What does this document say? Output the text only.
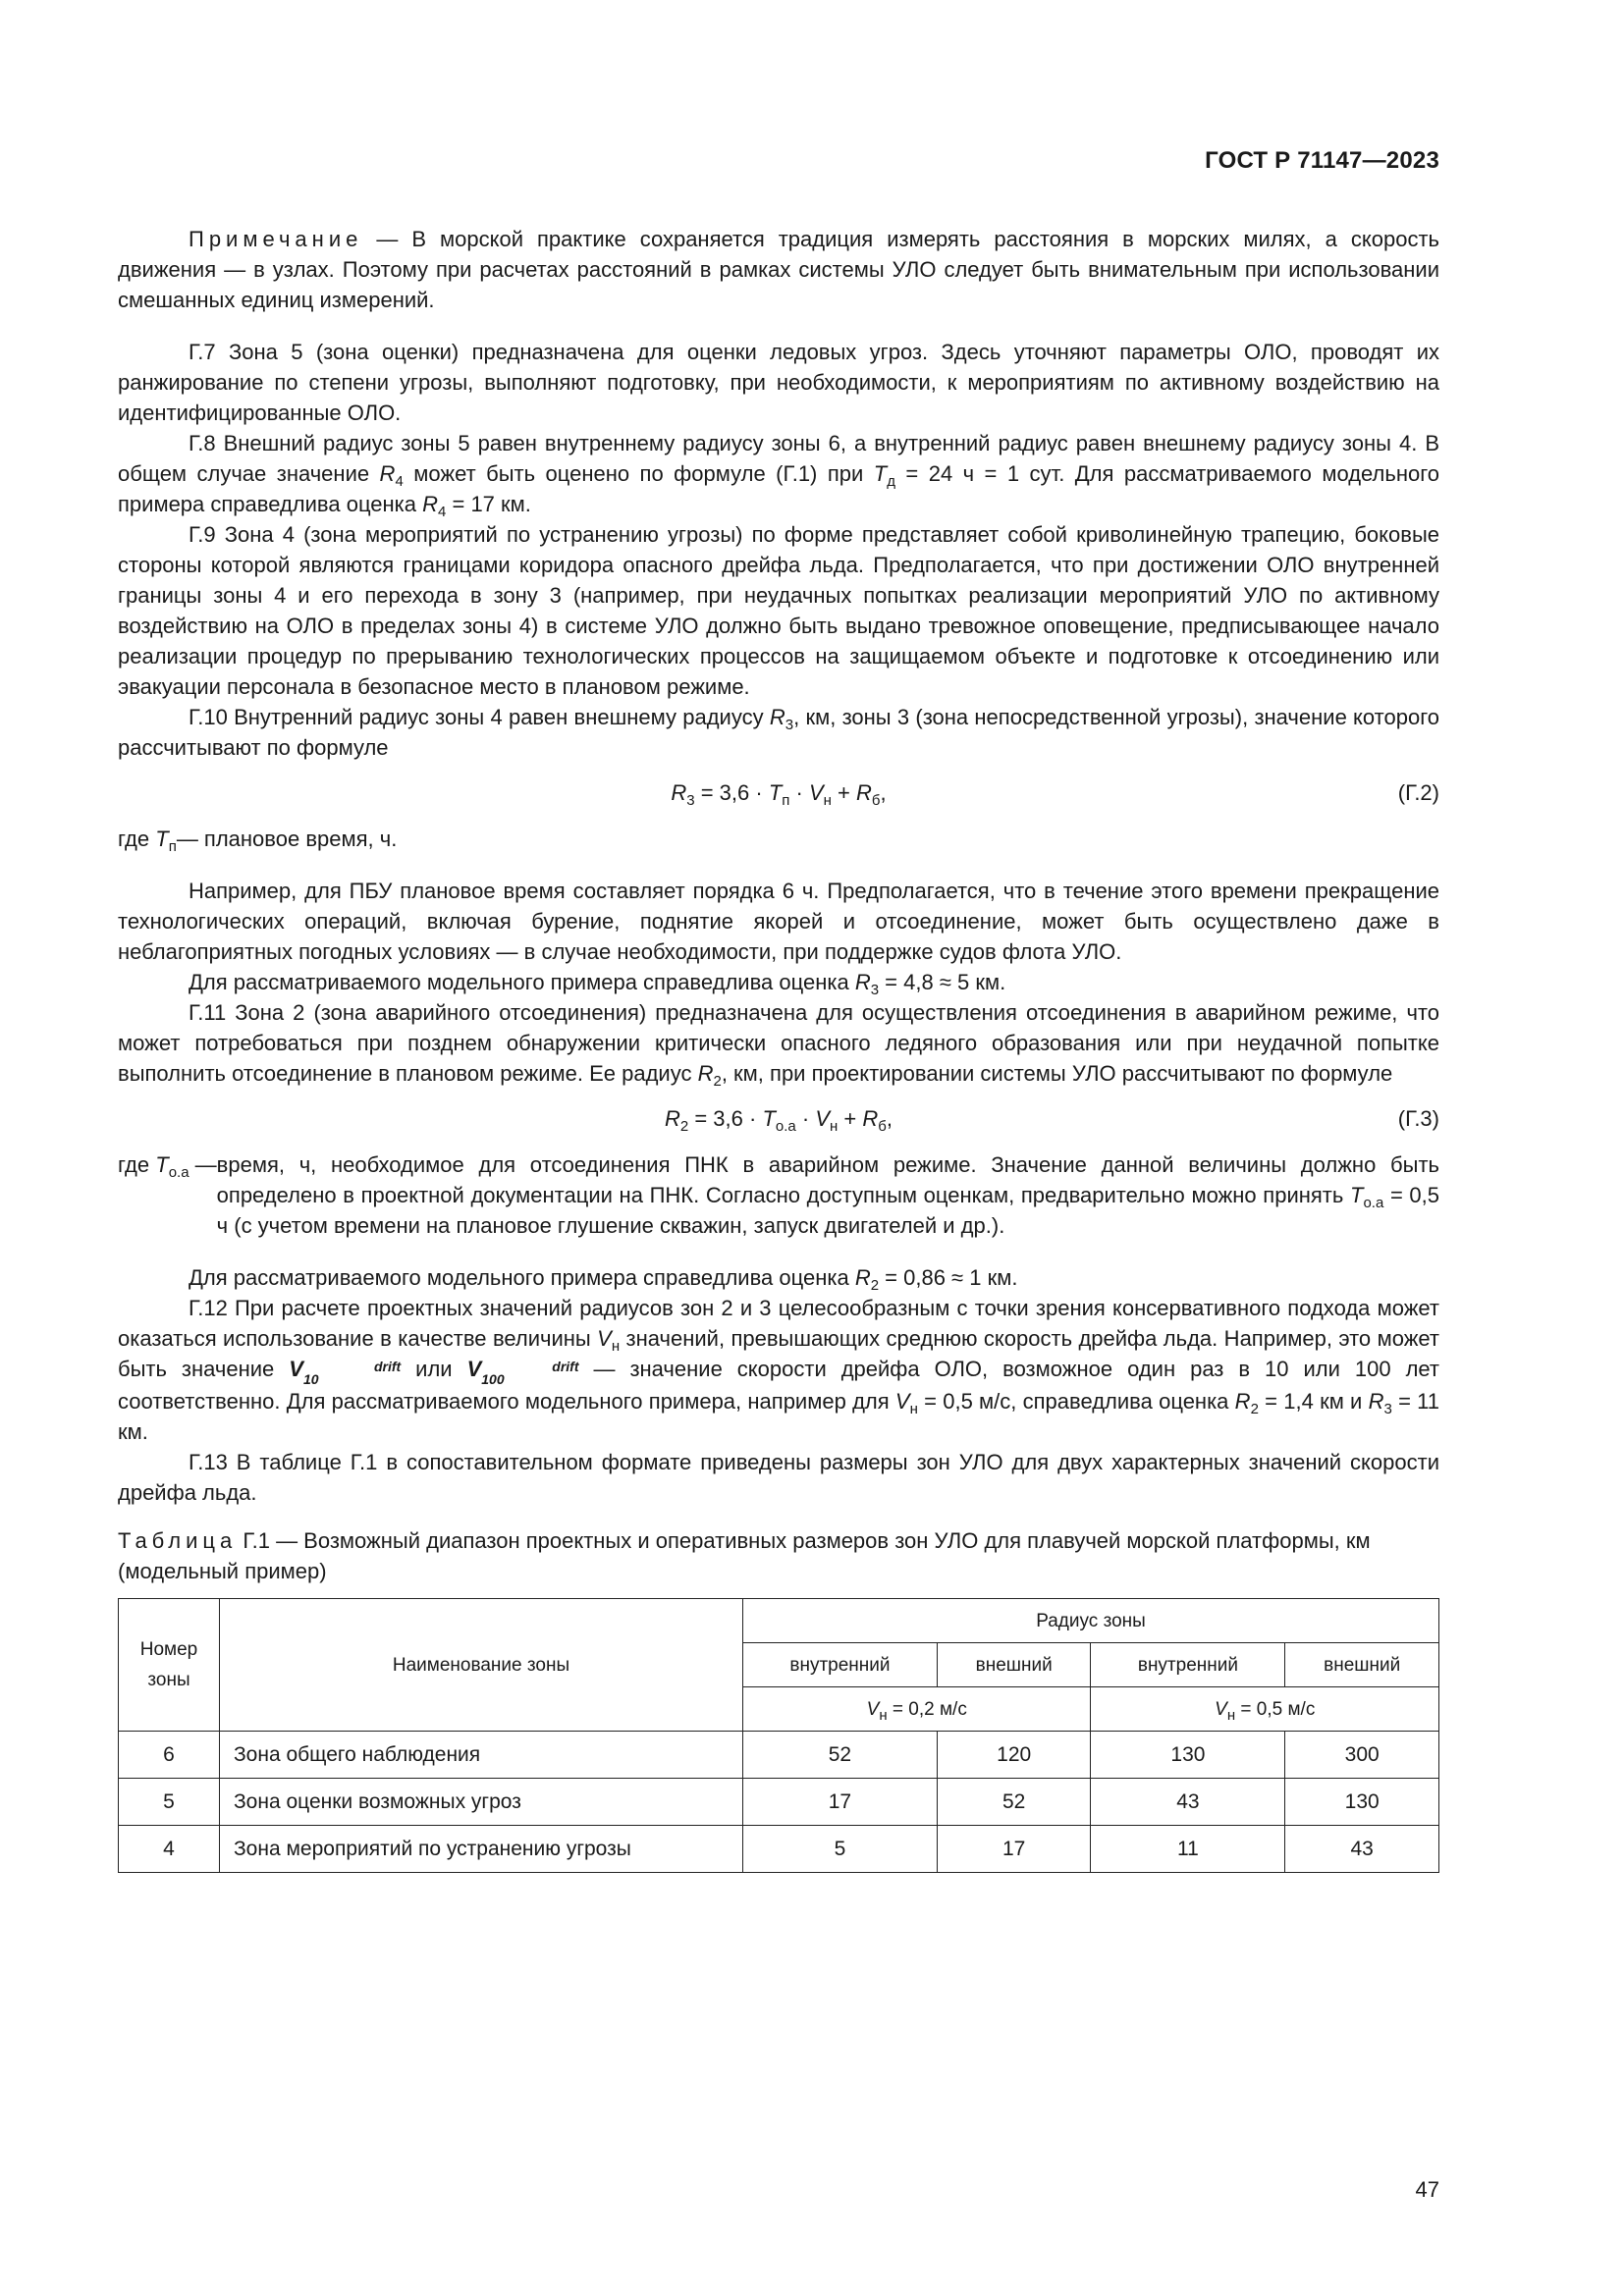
ГОСТ Р 71147—2023

Примечание — В морской практике сохраняется традиция измерять расстояния в морских милях, а скорость движения — в узлах. Поэтому при расчетах расстояний в рамках системы УЛО следует быть внимательным при использовании смешанных единиц измерений.

Г.7 Зона 5 (зона оценки) предназначена для оценки ледовых угроз. Здесь уточняют параметры ОЛО, проводят их ранжирование по степени угрозы, выполняют подготовку, при необходимости, к мероприятиям по активному воздействию на идентифицированные ОЛО.

Г.8 Внешний радиус зоны 5 равен внутреннему радиусу зоны 6, а внутренний радиус равен внешнему радиусу зоны 4. В общем случае значение $R_4$ может быть оценено по формуле (Г.1) при $T_д = 24$ ч = 1 сут. Для рассматриваемого модельного примера справедлива оценка $R_4 = 17$ км.

Г.9 Зона 4 (зона мероприятий по устранению угрозы) по форме представляет собой криволинейную трапецию, боковые стороны которой являются границами коридора опасного дрейфа льда. Предполагается, что при достижении ОЛО внутренней границы зоны 4 и его перехода в зону 3 (например, при неудачных попытках реализации мероприятий УЛО по активному воздействию на ОЛО в пределах зоны 4) в системе УЛО должно быть выдано тревожное оповещение, предписывающее начало реализации процедур по прерыванию технологических процессов на защищаемом объекте и подготовке к отсоединению или эвакуации персонала в безопасное место в плановом режиме.

Г.10 Внутренний радиус зоны 4 равен внешнему радиусу $R_3$, км, зоны 3 (зона непосредственной угрозы), значение которого рассчитывают по формуле

$R_3 = 3,6 \cdot T_п \cdot V_н + R_б$,	(Г.2)

где $T_п$ — плановое время, ч.

Например, для ПБУ плановое время составляет порядка 6 ч. Предполагается, что в течение этого времени прекращение технологических операций, включая бурение, поднятие якорей и отсоединение, может быть осуществлено даже в неблагоприятных погодных условиях — в случае необходимости, при поддержке судов флота УЛО.

Для рассматриваемого модельного примера справедлива оценка $R_3 = 4,8 \approx 5$ км.

Г.11 Зона 2 (зона аварийного отсоединения) предназначена для осуществления отсоединения в аварийном режиме, что может потребоваться при позднем обнаружении критически опасного ледяного образования или при неудачной попытке выполнить отсоединение в плановом режиме. Ее радиус $R_2$, км, при проектировании системы УЛО рассчитывают по формуле

$R_2 = 3,6 \cdot T_{о.а} \cdot V_н + R_б$,	(Г.3)
где $T_{о.а}$ — время, ч, необходимое для отсоединения ПНК в аварийном режиме. Значение данной величины должно быть определено в проектной документации на ПНК. Согласно доступным оценкам, предварительно можно принять $T_{о.а} = 0,5$ ч (с учетом времени на плановое глушение скважин, запуск двигателей и др.).

Для рассматриваемого модельного примера справедлива оценка $R_2 = 0,86 \approx 1$ км.

Г.12 При расчете проектных значений радиусов зон 2 и 3 целесообразным с точки зрения консервативного подхода может оказаться использование в качестве величины $V_н$ значений, превышающих среднюю скорость дрейфа льда. Например, это может быть значение V	drift
10	или V	drift
100	— значение скорости дрейфа ОЛО, возможное один раз в 10 или 100 лет соответственно. Для рассматриваемого модельного примера, например для $V_н = 0,5$ м/с, справедлива оценка $R_2 = 1,4$ км и $R_3 = 11$ км.

Г.13 В таблице Г.1 в сопоставительном формате приведены размеры зон УЛО для двух характерных значений скорости дрейфа льда.

Таблица Г.1 — Возможный диапазон проектных и оперативных размеров зон УЛО для плавучей морской платформы, км (модельный пример)

Номер зоны	Наименование зоны	Радиус зоны			
		внутренний	внешний	внутренний	внешний
		$V_н = 0,2$ м/с		$V_н = 0,5$ м/с	
6	Зона общего наблюдения	52	120	130	300
5	Зона оценки возможных угроз	17	52	43	130
4	Зона мероприятий по устранению угрозы	5	17	11	43
47
